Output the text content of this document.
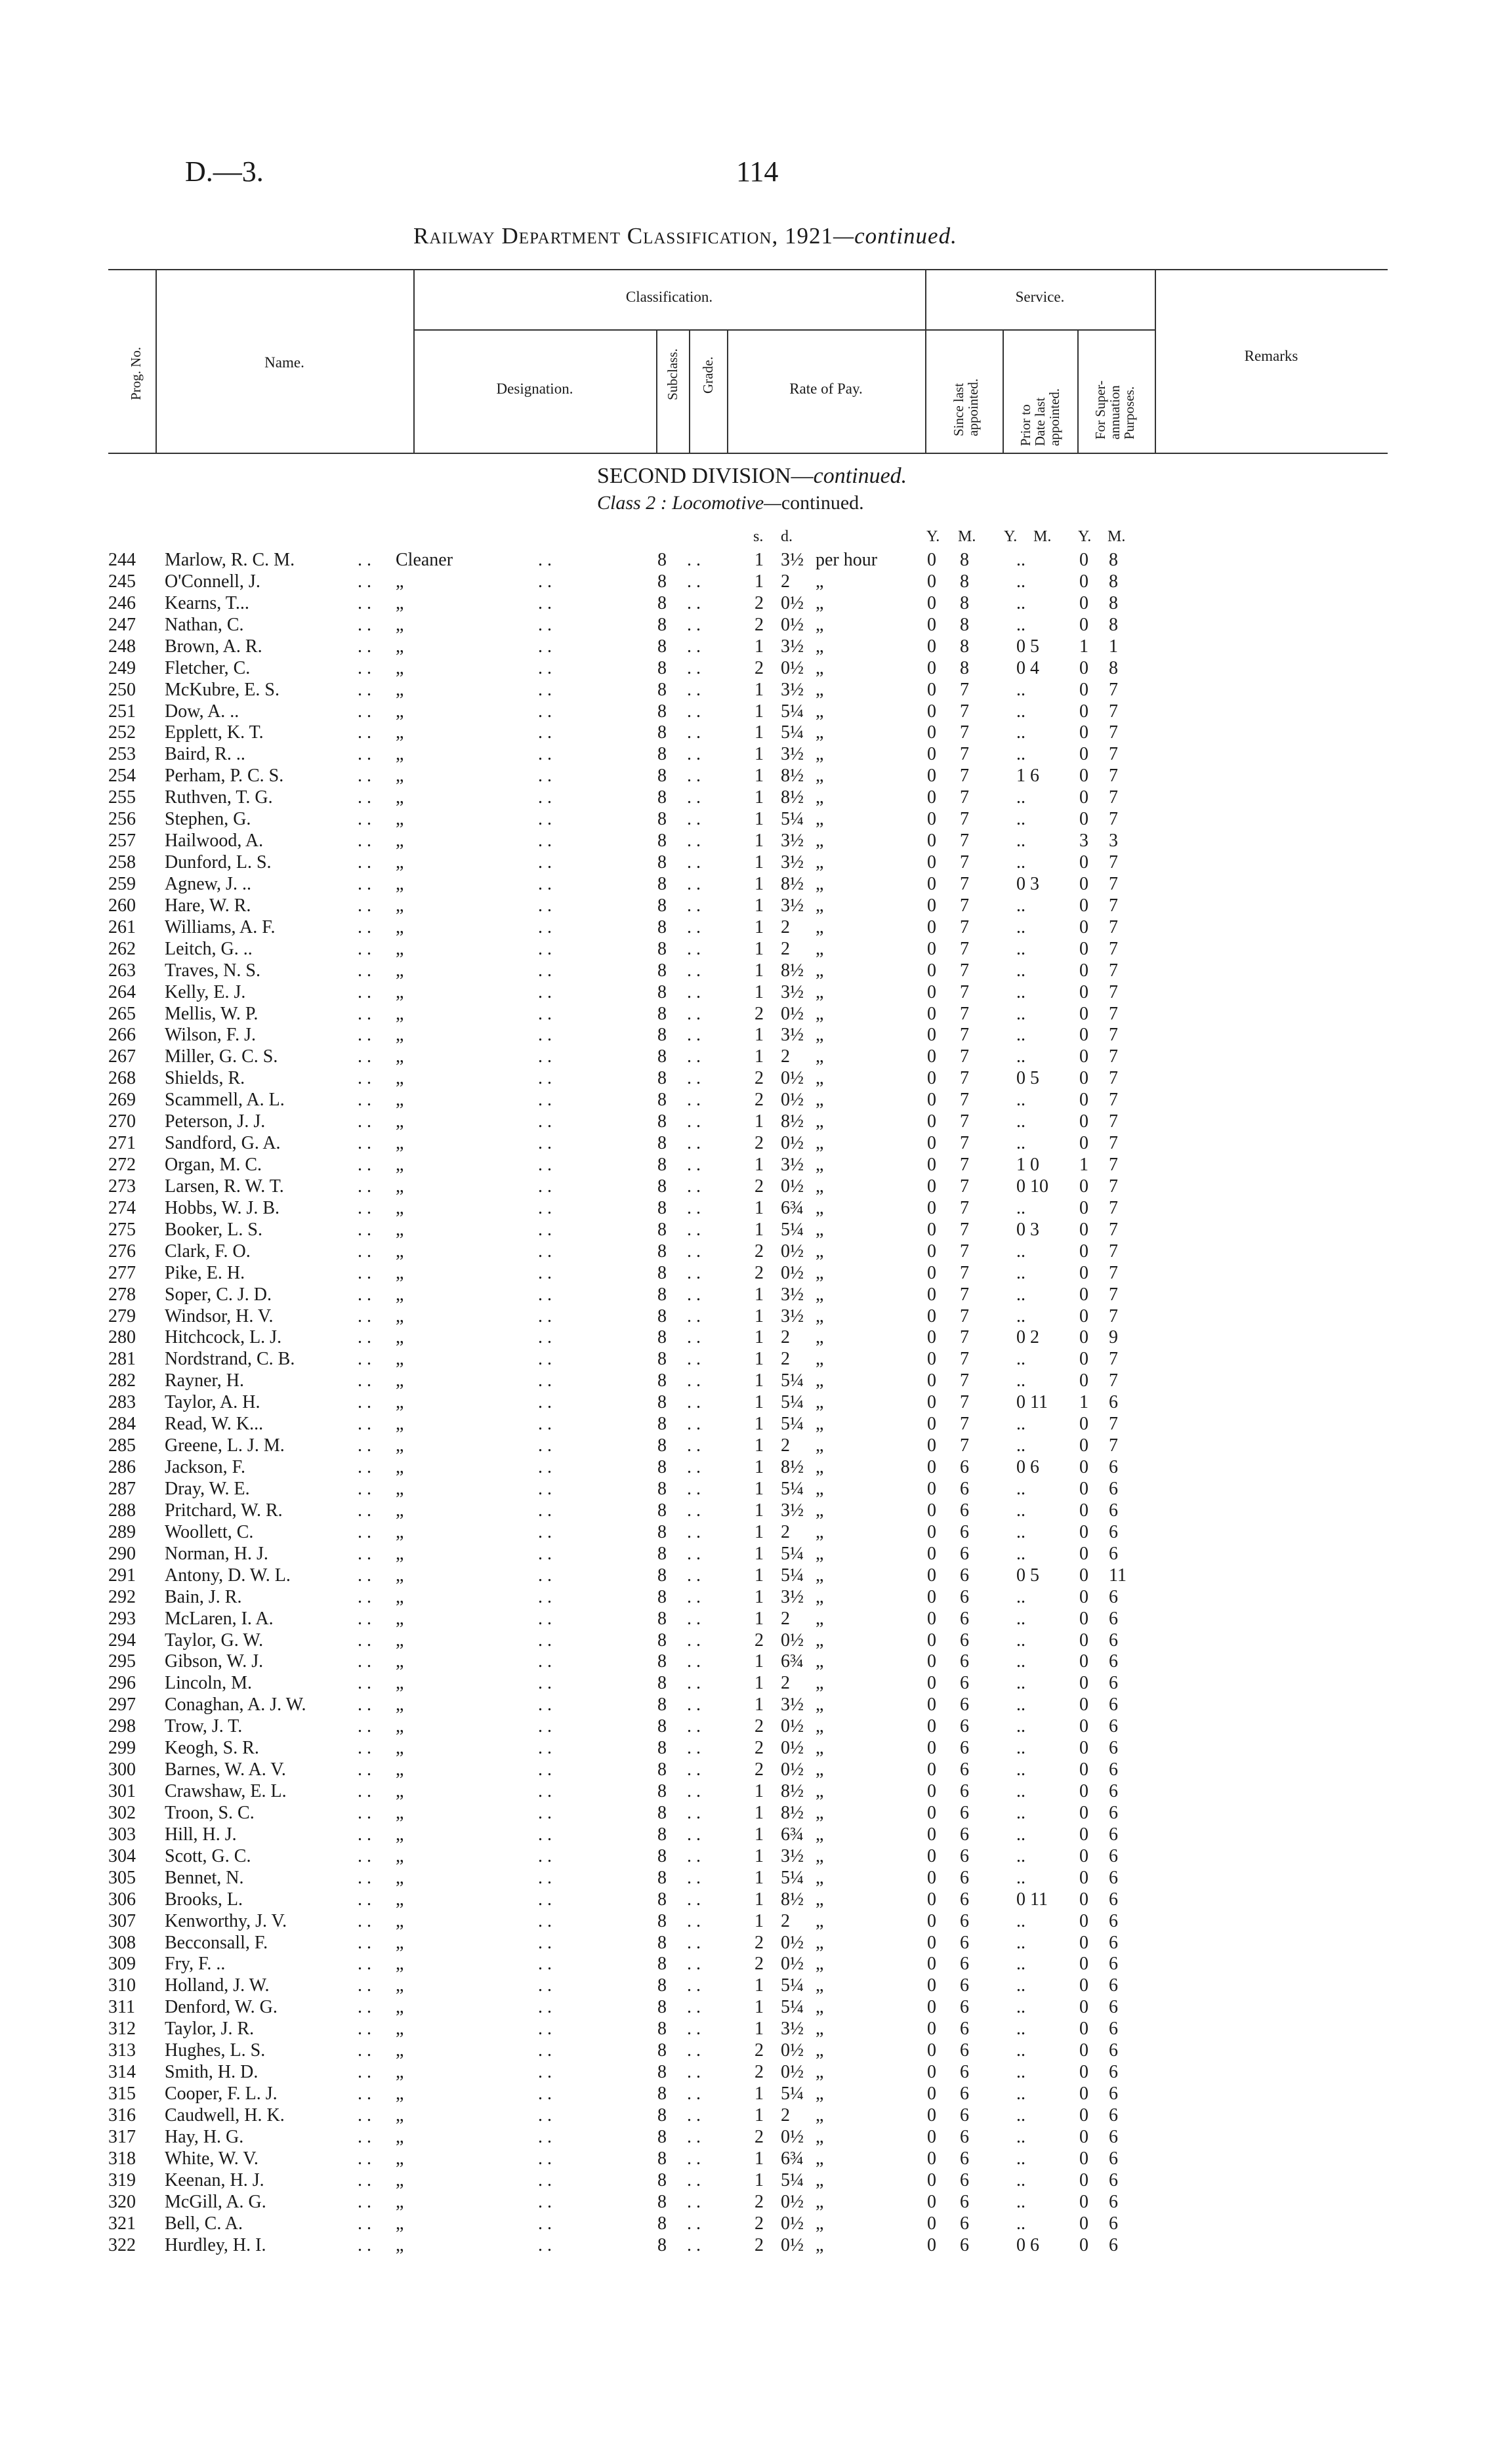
D.—3.	114
Railway Department Classification, 1921—continued.
Prog. No.	Name.
Classification.	Service.
Designation.	Subclass. Grade.	Rate of Pay.
Since last
appointed.	Prior to
Date last
appointed. For Super-
annuation
Purposes.
Remarks
SECOND DIVISION—continued.
Class 2 : Locomotive—continued.
s. d.	Y. M. Y. M. Y. M.
244 Marlow, R. C. M.	. . Cleaner	. .	8 . .	1 3½ per hour	0 8	..	0 8
245 O'Connell, J.	. . „	. .	8 . .	1 2 „	0 8	..	0 8
246 Kearns, T...	. . „	. .	8 . .	2 0½ „	0 8	..	0 8
247 Nathan, C.	. . „	. .	8 . .	2 0½ „	0 8	..	0 8
248 Brown, A. R.	. . „	. .	8 . .	1 3½ „	0 8	0 5	1 1
249 Fletcher, C.	. . „	. .	8 . .	2 0½ „	0 8	0 4	0 8
250 McKubre, E. S.	. . „	. .	8 . .	1 3½ „	0 7	..	0 7
251 Dow, A. ..	. . „	. .	8 . .	1 5¼ „	0 7	..	0 7
252 Epplett, K. T.	. . „	. .	8 . .	1 5¼ „	0 7	..	0 7
253 Baird, R. ..	. . „	. .	8 . .	1 3½ „	0 7	..	0 7
254 Perham, P. C. S.	. . „	. .	8 . .	1 8½ „	0 7	1 6	0 7
255 Ruthven, T. G.	. . „	. .	8 . .	1 8½ „	0 7	..	0 7
256 Stephen, G.	. . „	. .	8 . .	1 5¼ „	0 7	..	0 7
257 Hailwood, A.	. . „	. .	8 . .	1 3½ „	0 7	..	3 3
258 Dunford, L. S.	. . „	. .	8 . .	1 3½ „	0 7	..	0 7
259 Agnew, J. ..	. . „	. .	8 . .	1 8½ „	0 7	0 3	0 7
260 Hare, W. R.	. . „	. .	8 . .	1 3½ „	0 7	..	0 7
261 Williams, A. F.	. . „	. .	8 . .	1 2 „	0 7	..	0 7
262 Leitch, G. ..	. . „	. .	8 . .	1 2 „	0 7	..	0 7
263 Traves, N. S.	. . „	. .	8 . .	1 8½ „	0 7	..	0 7
264 Kelly, E. J.	. . „	. .	8 . .	1 3½ „	0 7	..	0 7
265 Mellis, W. P.	. . „	. .	8 . .	2 0½ „	0 7	..	0 7
266 Wilson, F. J.	. . „	. .	8 . .	1 3½ „	0 7	..	0 7
267 Miller, G. C. S.	. . „	. .	8 . .	1 2 „	0 7	..	0 7
268 Shields, R.	. . „	. .	8 . .	2 0½ „	0 7	0 5	0 7
269 Scammell, A. L.	. . „	. .	8 . .	2 0½ „	0 7	..	0 7
270 Peterson, J. J.	. . „	. .	8 . .	1 8½ „	0 7	..	0 7
271 Sandford, G. A.	. . „	. .	8 . .	2 0½ „	0 7	..	0 7
272 Organ, M. C.	. . „	. .	8 . .	1 3½ „	0 7	1 0	1 7
273 Larsen, R. W. T.	. . „	. .	8 . .	2 0½ „	0 7	0 10	0 7
274 Hobbs, W. J. B.	. . „	. .	8 . .	1 6¾ „	0 7	..	0 7
275 Booker, L. S.	. . „	. .	8 . .	1 5¼ „	0 7	0 3	0 7
276 Clark, F. O.	. . „	. .	8 . .	2 0½ „	0 7	..	0 7
277 Pike, E. H.	. . „	. .	8 . .	2 0½ „	0 7	..	0 7
278 Soper, C. J. D.	. . „	. .	8 . .	1 3½ „	0 7	..	0 7
279 Windsor, H. V.	. . „	. .	8 . .	1 3½ „	0 7	..	0 7
280 Hitchcock, L. J.	. . „	. .	8 . .	1 2 „	0 7	0 2	0 9
281 Nordstrand, C. B.	. . „	. .	8 . .	1 2 „	0 7	..	0 7
282 Rayner, H.	. . „	. .	8 . .	1 5¼ „	0 7	..	0 7
283 Taylor, A. H.	. . „	. .	8 . .	1 5¼ „	0 7	0 11	1 6
284 Read, W. K...	. . „	. .	8 . .	1 5¼ „	0 7	..	0 7
285 Greene, L. J. M.	. . „	. .	8 . .	1 2 „	0 7	..	0 7
286 Jackson, F.	. . „	. .	8 . .	1 8½ „	0 6	0 6	0 6
287 Dray, W. E.	. . „	. .	8 . .	1 5¼ „	0 6	..	0 6
288 Pritchard, W. R.	. . „	. .	8 . .	1 3½ „	0 6	..	0 6
289 Woollett, C.	. . „	. .	8 . .	1 2 „	0 6	..	0 6
290 Norman, H. J.	. . „	. .	8 . .	1 5¼ „	0 6	..	0 6
291 Antony, D. W. L.	. . „	. .	8 . .	1 5¼ „	0 6	0 5	0 11
292 Bain, J. R.	. . „	. .	8 . .	1 3½ „	0 6	..	0 6
293 McLaren, I. A.	. . „	. .	8 . .	1 2 „	0 6	..	0 6
294 Taylor, G. W.	. . „	. .	8 . .	2 0½ „	0 6	..	0 6
295 Gibson, W. J.	. . „	. .	8 . .	1 6¾ „	0 6	..	0 6
296 Lincoln, M.	. . „	. .	8 . .	1 2 „	0 6	..	0 6
297 Conaghan, A. J. W.	. . „	. .	8 . .	1 3½ „	0 6	..	0 6
298 Trow, J. T.	. . „	. .	8 . .	2 0½ „	0 6	..	0 6
299 Keogh, S. R.	. . „	. .	8 . .	2 0½ „	0 6	..	0 6
300 Barnes, W. A. V.	. . „	. .	8 . .	2 0½ „	0 6	..	0 6
301 Crawshaw, E. L.	. . „	. .	8 . .	1 8½ „	0 6	..	0 6
302 Troon, S. C.	. . „	. .	8 . .	1 8½ „	0 6	..	0 6
303 Hill, H. J.	. . „	. .	8 . .	1 6¾ „	0 6	..	0 6
304 Scott, G. C.	. . „	. .	8 . .	1 3½ „	0 6	..	0 6
305 Bennet, N.	. . „	. .	8 . .	1 5¼ „	0 6	..	0 6
306 Brooks, L.	. . „	. .	8 . .	1 8½ „	0 6	0 11	0 6
307 Kenworthy, J. V.	. . „	. .	8 . .	1 2 „	0 6	..	0 6
308 Becconsall, F.	. . „	. .	8 . .	2 0½ „	0 6	..	0 6
309 Fry, F. ..	. . „	. .	8 . .	2 0½ „	0 6	..	0 6
310 Holland, J. W.	. . „	. .	8 . .	1 5¼ „	0 6	..	0 6
311 Denford, W. G.	. . „	. .	8 . .	1 5¼ „	0 6	..	0 6
312 Taylor, J. R.	. . „	. .	8 . .	1 3½ „	0 6	..	0 6
313 Hughes, L. S.	. . „	. .	8 . .	2 0½ „	0 6	..	0 6
314 Smith, H. D.	. . „	. .	8 . .	2 0½ „	0 6	..	0 6
315 Cooper, F. L. J.	. . „	. .	8 . .	1 5¼ „	0 6	..	0 6
316 Caudwell, H. K.	. . „	. .	8 . .	1 2 „	0 6	..	0 6
317 Hay, H. G.	. . „	. .	8 . .	2 0½ „	0 6	..	0 6
318 White, W. V.	. . „	. .	8 . .	1 6¾ „	0 6	..	0 6
319 Keenan, H. J.	. . „	. .	8 . .	1 5¼ „	0 6	..	0 6
320 McGill, A. G.	. . „	. .	8 . .	2 0½ „	0 6	..	0 6
321 Bell, C. A.	. . „	. .	8 . .	2 0½ „	0 6	..	0 6
322 Hurdley, H. I.	. . „	. .	8 . .	2 0½ „	0 6	0 6	0 6
